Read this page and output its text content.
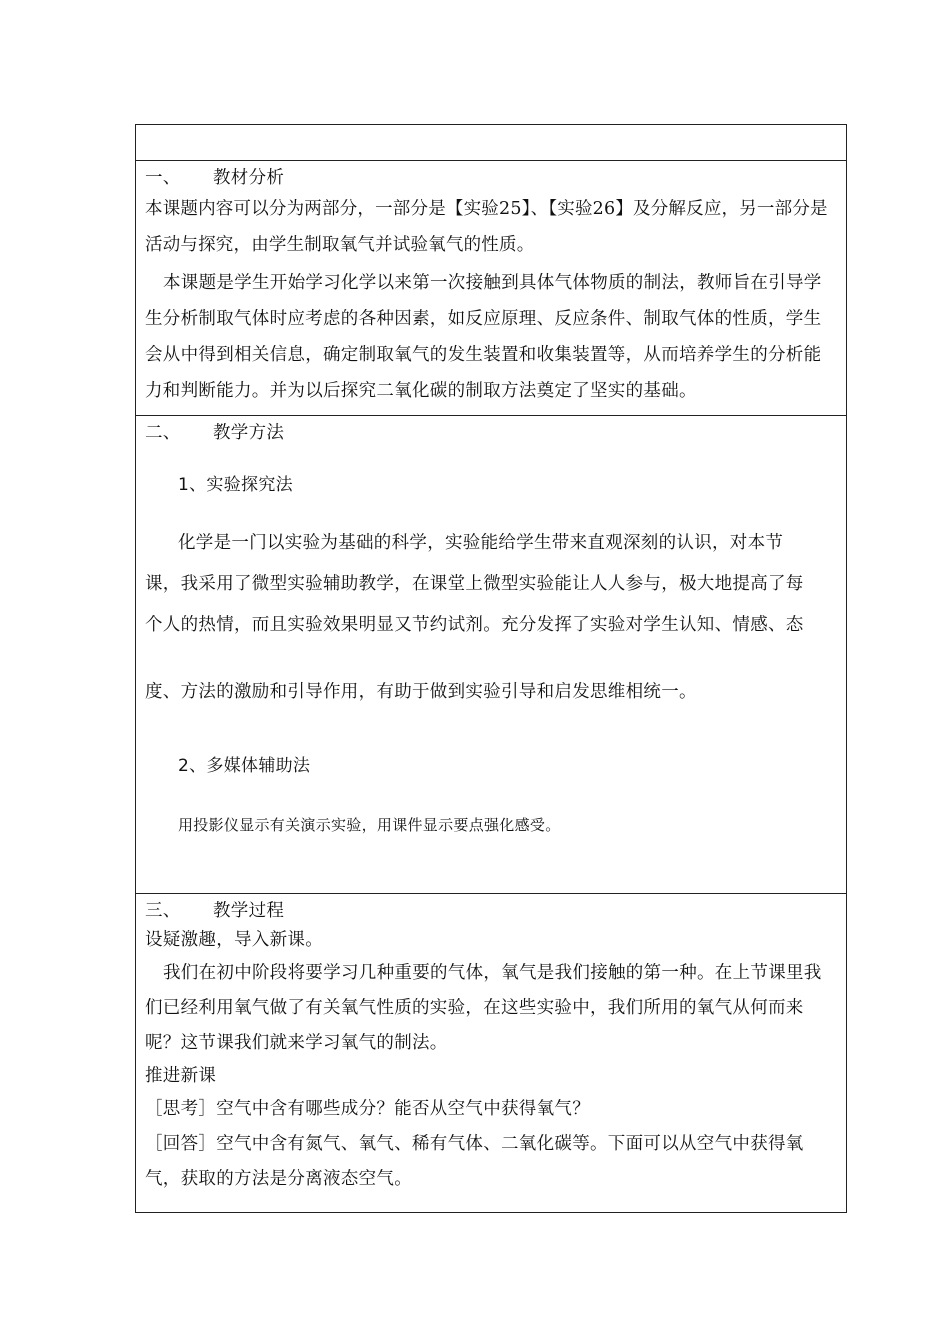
一、	教材分析

本课题内容可以分为两部分，一部分是【实验25】、【实验26】及分解反应，另一部分是活动与探究，由学生制取氧气并试验氧气的性质。

本课题是学生开始学习化学以来第一次接触到具体气体物质的制法，教师旨在引导学生分析制取气体时应考虑的各种因素，如反应原理、反应条件、制取气体的性质，学生会从中得到相关信息，确定制取氧气的发生装置和收集装置等，从而培养学生的分析能力和判断能力。并为以后探究二氧化碳的制取方法奠定了坚实的基础。

二、	教学方法

1、实验探究法

化学是一门以实验为基础的科学，实验能给学生带来直观深刻的认识，对本节

课，我采用了微型实验辅助教学，在课堂上微型实验能让人人参与，极大地提高了每

个人的热情，而且实验效果明显又节约试剂。充分发挥了实验对学生认知、情感、态

度、方法的激励和引导作用，有助于做到实验引导和启发思维相统一。

2、多媒体辅助法

用投影仪显示有关演示实验，用课件显示要点强化感受。

三、	教学过程

设疑激趣，导入新课。

我们在初中阶段将要学习几种重要的气体，氧气是我们接触的第一种。在上节课里我们已经利用氧气做了有关氧气性质的实验，在这些实验中，我们所用的氧气从何而来呢？这节课我们就来学习氧气的制法。

推进新课

［思考］空气中含有哪些成分？能否从空气中获得氧气？

［回答］空气中含有氮气、氧气、稀有气体、二氧化碳等。下面可以从空气中获得氧气，获取的方法是分离液态空气。
